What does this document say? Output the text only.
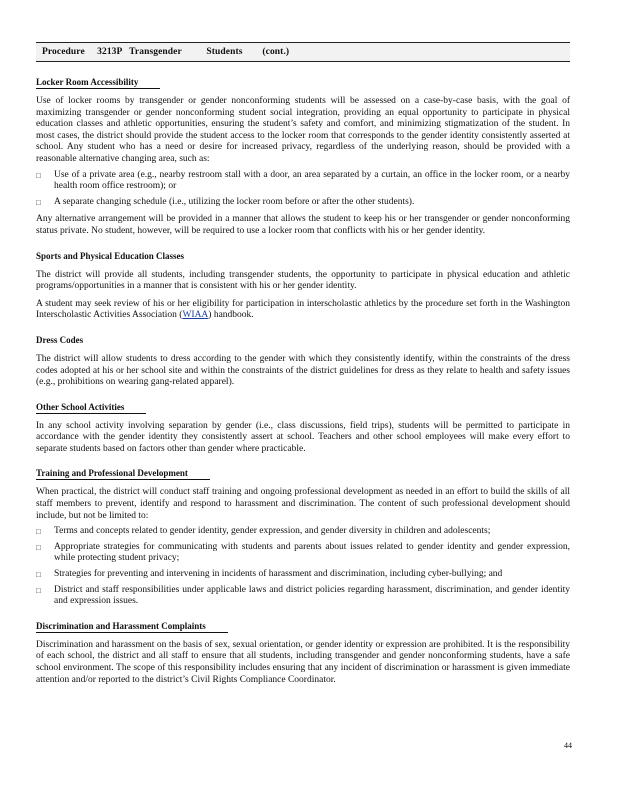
Procedure     3213P   Transgender          Students        (cont.)
Locker Room Accessibility

Use of locker rooms by transgender or gender nonconforming students will be assessed on a case-by-case basis, with the goal of maximizing transgender or gender nonconforming student social integration, providing an equal opportunity to participate in physical education classes and athletic opportunities, ensuring the student’s safety and comfort, and minimizing stigmatization of the student. In most cases, the district should provide the student access to the locker room that corresponds to the gender identity consistently asserted at school. Any student who has a need or desire for increased privacy, regardless of the underlying reason, should be provided with a reasonable alternative changing area, such as:

□ Use of a private area (e.g., nearby restroom stall with a door, an area separated by a curtain, an office in the locker room, or a nearby health room office restroom); or
□ A separate changing schedule (i.e., utilizing the locker room before or after the other students).

Any alternative arrangement will be provided in a manner that allows the student to keep his or her transgender or gender nonconforming status private. No student, however, will be required to use a locker room that conflicts with his or her gender identity.

Sports and Physical Education Classes

The district will provide all students, including transgender students, the opportunity to participate in physical education and athletic programs/opportunities in a manner that is consistent with his or her gender identity.

A student may seek review of his or her eligibility for participation in interscholastic athletics by the procedure set forth in the Washington Interscholastic Activities Association (WIAA) handbook.

Dress Codes

The district will allow students to dress according to the gender with which they consistently identify, within the constraints of the dress codes adopted at his or her school site and within the constraints of the district guidelines for dress as they relate to health and safety issues (e.g., prohibitions on wearing gang-related apparel).

Other School Activities

In any school activity involving separation by gender (i.e., class discussions, field trips), students will be permitted to participate in accordance with the gender identity they consistently assert at school. Teachers and other school employees will make every effort to separate students based on factors other than gender where practicable.

Training and Professional Development

When practical, the district will conduct staff training and ongoing professional development as needed in an effort to build the skills of all staff members to prevent, identify and respond to harassment and discrimination. The content of such professional development should include, but not be limited to:

□ Terms and concepts related to gender identity, gender expression, and gender diversity in children and adolescents;
□ Appropriate strategies for communicating with students and parents about issues related to gender identity and gender expression, while protecting student privacy;
□ Strategies for preventing and intervening in incidents of harassment and discrimination, including cyber-bullying; and
□ District and staff responsibilities under applicable laws and district policies regarding harassment, discrimination, and gender identity and expression issues.
Discrimination and Harassment Complaints

Discrimination and harassment on the basis of sex, sexual orientation, or gender identity or expression are prohibited. It is the responsibility of each school, the district and all staff to ensure that all students, including transgender and gender nonconforming students, have a safe school environment. The scope of this responsibility includes ensuring that any incident of discrimination or harassment is given immediate attention and/or reported to the district’s Civil Rights Compliance Coordinator.

44
